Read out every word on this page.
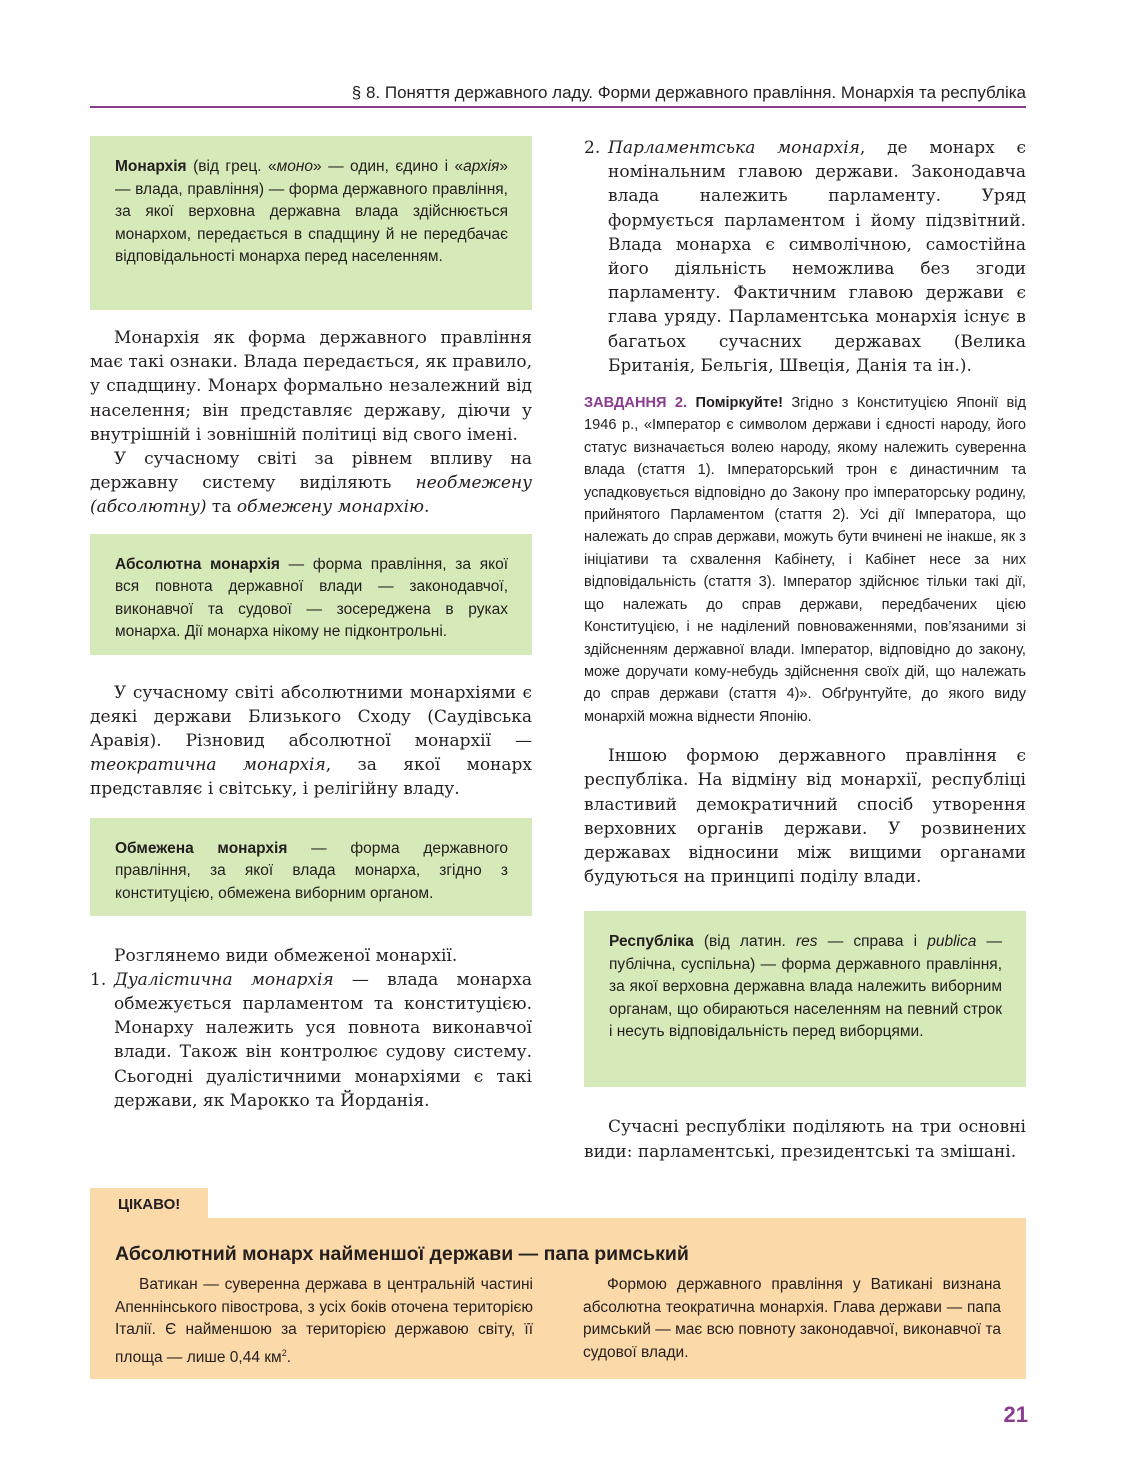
§ 8. Поняття державного ладу. Форми державного правління. Монархія та республіка
Монархія (від грец. «моно» — один, єдино і «архія» — влада, правління) — форма державного правління, за якої верховна державна влада здійснюється монархом, передається в спадщину й не передбачає відповідальності монарха перед населенням.

Монархія як форма державного правління має такі ознаки. Влада передається, як правило, у спадщину. Монарх формально незалежний від населення; він представляє державу, діючи у внутрішній і зовнішній політиці від свого імені.

У сучасному світі за рівнем впливу на державну систему виділяють необмежену (абсолютну) та обмежену монархію.

Абсолютна монархія — форма правління, за якої вся повнота державної влади — законодавчої, виконавчої та судової — зосереджена в руках монарха. Дії монарха нікому не підконтрольні.

У сучасному світі абсолютними монархіями є деякі держави Близького Сходу (Саудівська Аравія). Різновид абсолютної монархії — теократична монархія, за якої монарх представляє і світську, і релігійну владу.

Обмежена монархія — форма державного правління, за якої влада монарха, згідно з конституцією, обмежена виборним органом.

Розглянемо види обмеженої монархії.

1. Дуалістична монархія — влада монарха обмежується парламентом та конституцією. Монарху належить уся повнота виконавчої влади. Також він контролює судову систему. Сьогодні дуалістичними монархіями є такі держави, як Марокко та Йорданія.
2. Парламентська монархія, де монарх є номінальним главою держави. Законодавча влада належить парламенту. Уряд формується парламентом і йому підзвітний. Влада монарха є символічною, самостійна його діяльність неможлива без згоди парламенту. Фактичним главою держави є глава уряду. Парламентська монархія існує в багатьох сучасних державах (Велика Британія, Бельгія, Швеція, Данія та ін.).
ЗАВДАННЯ 2. Поміркуйте! Згідно з Конституцією Японії від 1946 р., «Імператор є символом держави і єдності народу, його статус визначається волею народу, якому належить суверенна влада (стаття 1). Імператорський трон є династичним та успадковується відповідно до Закону про імператорську родину, прийнятого Парламентом (стаття 2). Усі дії Імператора, що належать до справ держави, можуть бути вчинені не інакше, як з ініціативи та схвалення Кабінету, і Кабінет несе за них відповідальність (стаття 3). Імператор здійснює тільки такі дії, що належать до справ держави, передбачених цією Конституцією, і не наділений повноваженнями, пов’язаними зі здійсненням державної влади. Імператор, відповідно до закону, може доручати кому-небудь здійснення своїх дій, що належать до справ держави (стаття 4)». Обґрунтуйте, до якого виду монархій можна віднести Японію.

Іншою формою державного правління є республіка. На відміну від монархії, республіці властивий демократичний спосіб утворення верховних органів держави. У розвинених державах відносини між вищими органами будуються на принципі поділу влади.

Республіка (від латин. res — справа і publica — публічна, суспільна) — форма державного правління, за якої верховна державна влада належить виборним органам, що обираються населенням на певний строк і несуть відповідальність перед виборцями.

Сучасні республіки поділяють на три основні види: парламентські, президентські та змішані.

ЦІКАВО!
Абсолютний монарх найменшої держави — папа римський
Ватикан — суверенна держава в центральній частині Апеннінського півострова, з усіх боків оточена територією Італії. Є найменшою за територією державою світу, її площа — лише 0,44 $км^2$.
Формою державного правління у Ватикані визнана абсолютна теократична монархія. Глава держави — папа римський — має всю повноту законодавчої, виконавчої та судової влади.
21
